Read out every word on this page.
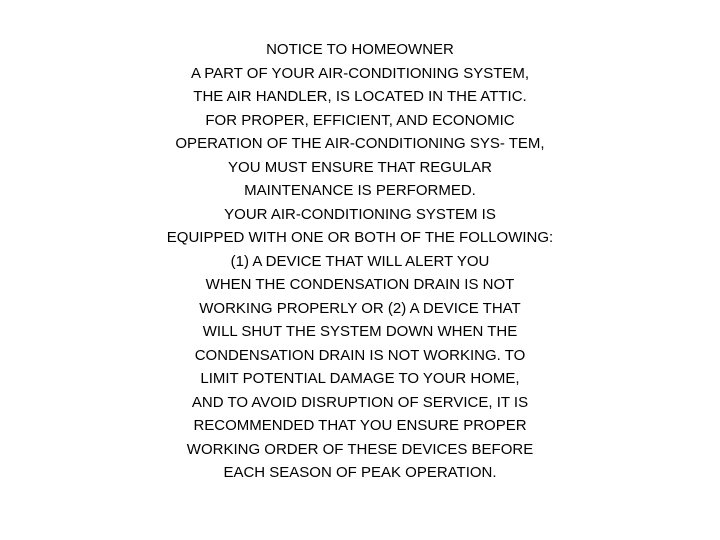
NOTICE TO HOMEOWNER
A PART OF YOUR AIR-CONDITIONING SYSTEM,
THE AIR HANDLER, IS LOCATED IN THE ATTIC.
FOR PROPER, EFFICIENT, AND ECONOMIC
OPERATION OF THE AIR-CONDITIONING SYS- TEM,
YOU MUST ENSURE THAT REGULAR
MAINTENANCE IS PERFORMED.
YOUR AIR-CONDITIONING SYSTEM IS
EQUIPPED WITH ONE OR BOTH OF THE FOLLOWING:
(1) A DEVICE THAT WILL ALERT YOU
WHEN THE CONDENSATION DRAIN IS NOT
WORKING PROPERLY OR (2) A DEVICE THAT
WILL SHUT THE SYSTEM DOWN WHEN THE
CONDENSATION DRAIN IS NOT WORKING. TO
LIMIT POTENTIAL DAMAGE TO YOUR HOME,
AND TO AVOID DISRUPTION OF SERVICE, IT IS
RECOMMENDED THAT YOU ENSURE PROPER
WORKING ORDER OF THESE DEVICES BEFORE
EACH SEASON OF PEAK OPERATION.
